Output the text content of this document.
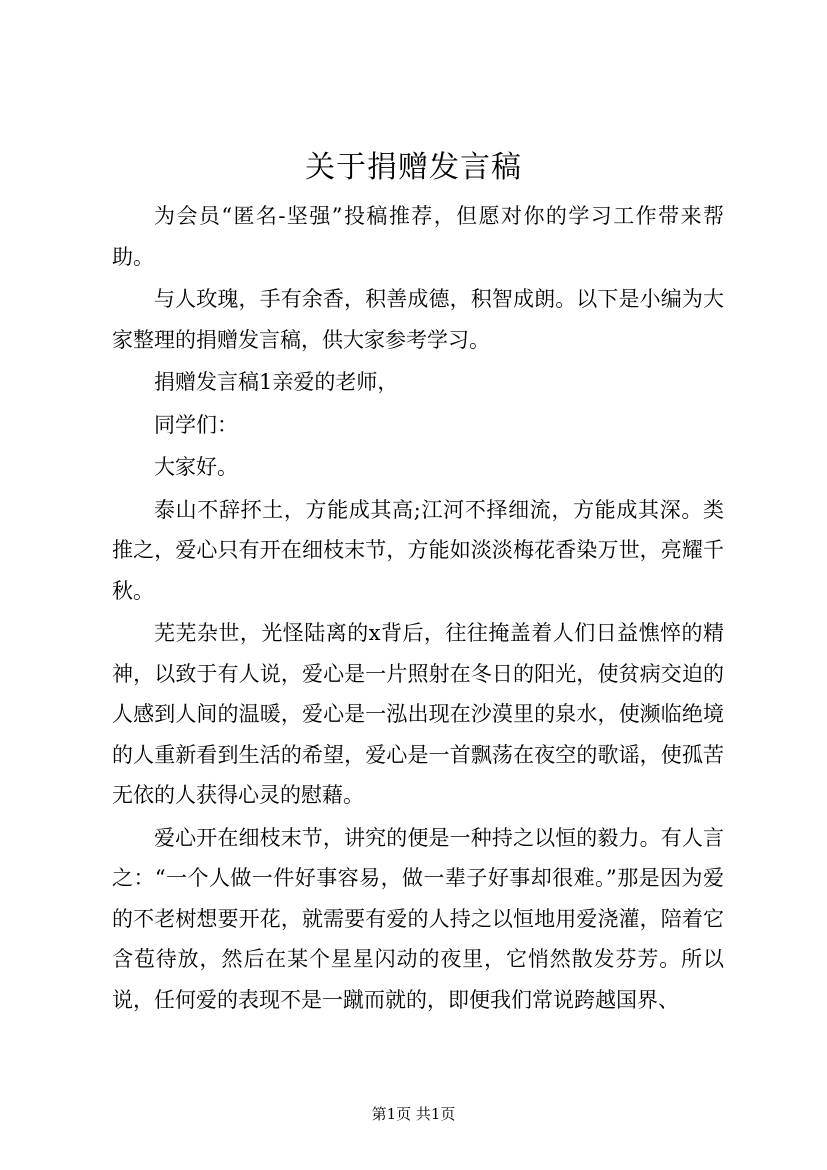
关于捐赠发言稿

为会员“匿名-坚强”投稿推荐，但愿对你的学习工作带来帮助。

与人玫瑰，手有余香，积善成德，积智成朗。以下是小编为大家整理的捐赠发言稿，供大家参考学习。

捐赠发言稿1亲爱的老师，

同学们：

大家好。

泰山不辞抔土，方能成其高;江河不择细流，方能成其深。类推之，爱心只有开在细枝末节，方能如淡淡梅花香染万世，亮耀千秋。

芜芜杂世，光怪陆离的x背后，往往掩盖着人们日益憔悴的精神，以致于有人说，爱心是一片照射在冬日的阳光，使贫病交迫的人感到人间的温暖，爱心是一泓出现在沙漠里的泉水，使濒临绝境的人重新看到生活的希望，爱心是一首飘荡在夜空的歌谣，使孤苦无依的人获得心灵的慰藉。

爱心开在细枝末节，讲究的便是一种持之以恒的毅力。有人言之：“一个人做一件好事容易，做一辈子好事却很难。”那是因为爱的不老树想要开花，就需要有爱的人持之以恒地用爱浇灌，陪着它含苞待放，然后在某个星星闪动的夜里，它悄然散发芬芳。所以说，任何爱的表现不是一蹴而就的，即便我们常说跨越国界、

第1页 共1页
